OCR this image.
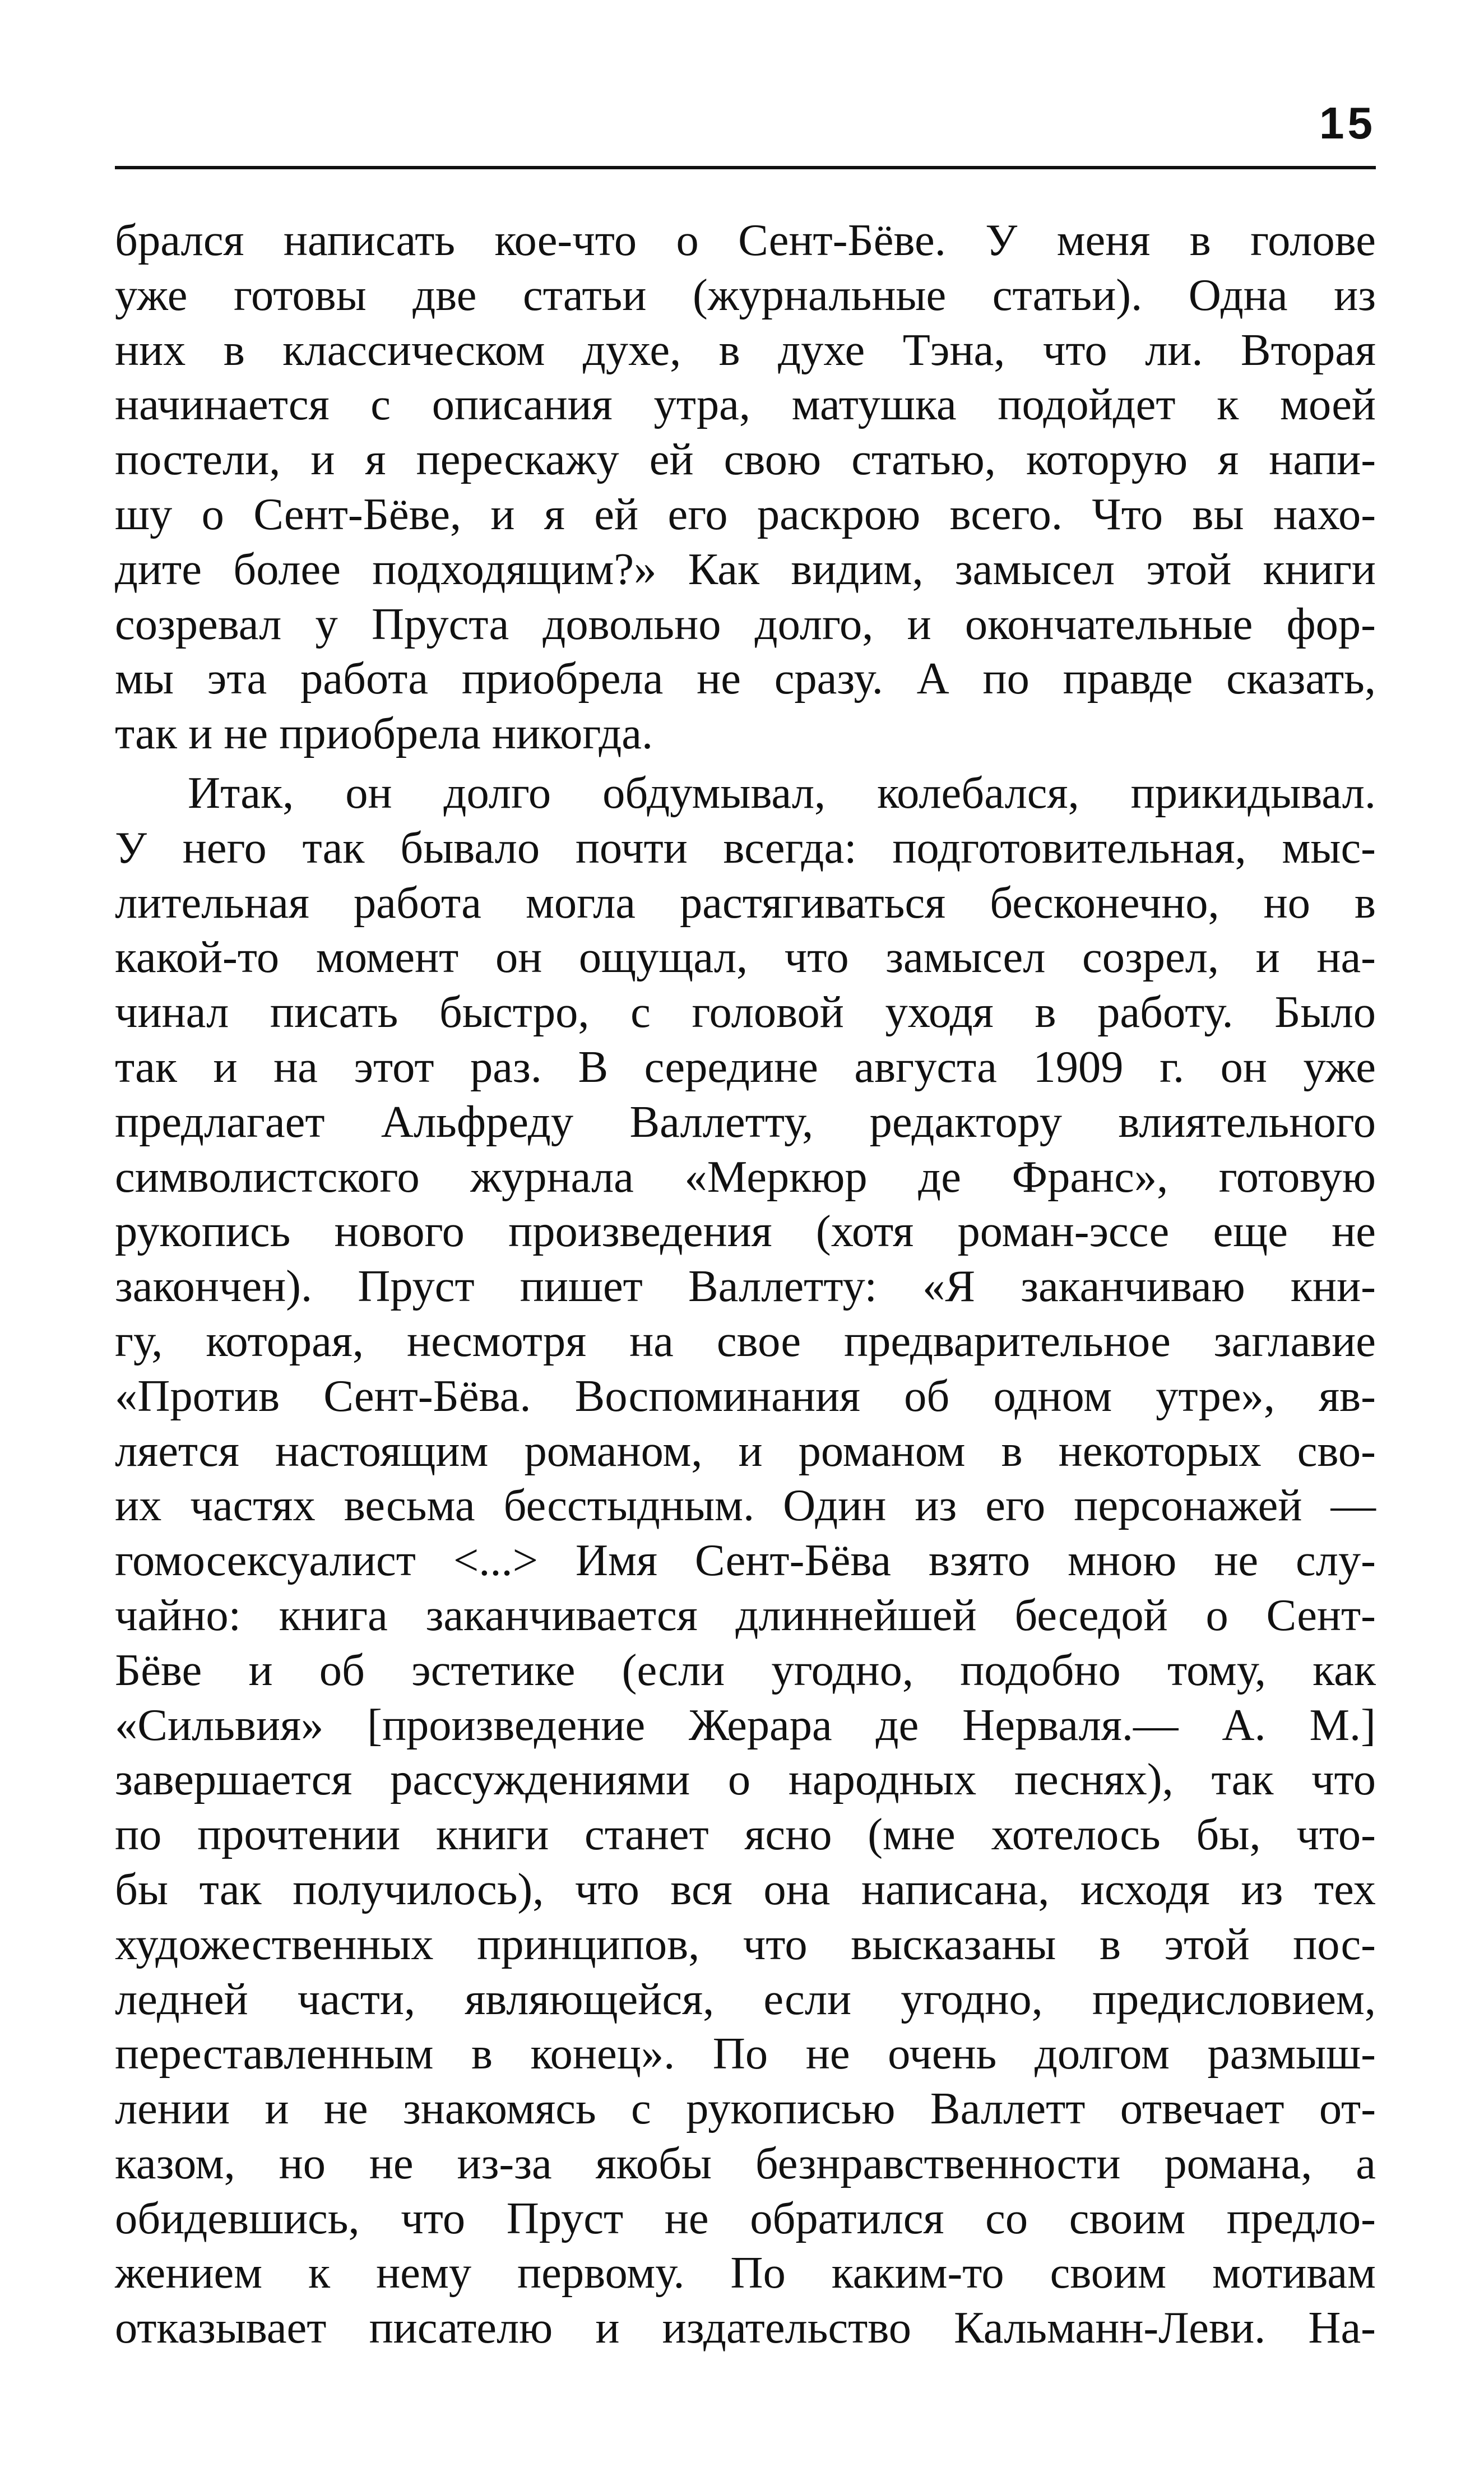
15
брался написать кое-что о Сент-Бёве. У меня в голове
уже готовы две статьи (журнальные статьи). Одна из
них в классическом духе, в духе Тэна, что ли. Вторая
начинается с описания утра, матушка подойдет к моей
постели, и я перескажу ей свою статью, которую я напи-
шу о Сент-Бёве, и я ей его раскрою всего. Что вы нахо-
дите более подходящим?» Как видим, замысел этой книги
созревал у Пруста довольно долго, и окончательные фор-
мы эта работа приобрела не сразу. А по правде сказать,
так и не приобрела никогда.
Итак, он долго обдумывал, колебался, прикидывал.
У него так бывало почти всегда: подготовительная, мыс-
лительная работа могла растягиваться бесконечно, но в
какой-то момент он ощущал, что замысел созрел, и на-
чинал писать быстро, с головой уходя в работу. Было
так и на этот раз. В середине августа 1909 г. он уже
предлагает Альфреду Валлетту, редактору влиятельного
символистского журнала «Меркюр де Франс», готовую
рукопись нового произведения (хотя роман-эссе еще не
закончен). Пруст пишет Валлетту: «Я заканчиваю кни-
гу, которая, несмотря на свое предварительное заглавие
«Против Сент-Бёва. Воспоминания об одном утре», яв-
ляется настоящим романом, и романом в некоторых сво-
их частях весьма бесстыдным. Один из его персонажей —
гомосексуалист <...> Имя Сент-Бёва взято мною не слу-
чайно: книга заканчивается длиннейшей беседой о Сент-
Бёве и об эстетике (если угодно, подобно тому, как
«Сильвия» [произведение Жерара де Нерваля.— А. М.]
завершается рассуждениями о народных песнях), так что
по прочтении книги станет ясно (мне хотелось бы, что-
бы так получилось), что вся она написана, исходя из тех
художественных принципов, что высказаны в этой пос-
ледней части, являющейся, если угодно, предисловием,
переставленным в конец». По не очень долгом размыш-
лении и не знакомясь с рукописью Валлетт отвечает от-
казом, но не из-за якобы безнравственности романа, а
обидевшись, что Пруст не обратился со своим предло-
жением к нему первому. По каким-то своим мотивам
отказывает писателю и издательство Кальманн-Леви. На-
